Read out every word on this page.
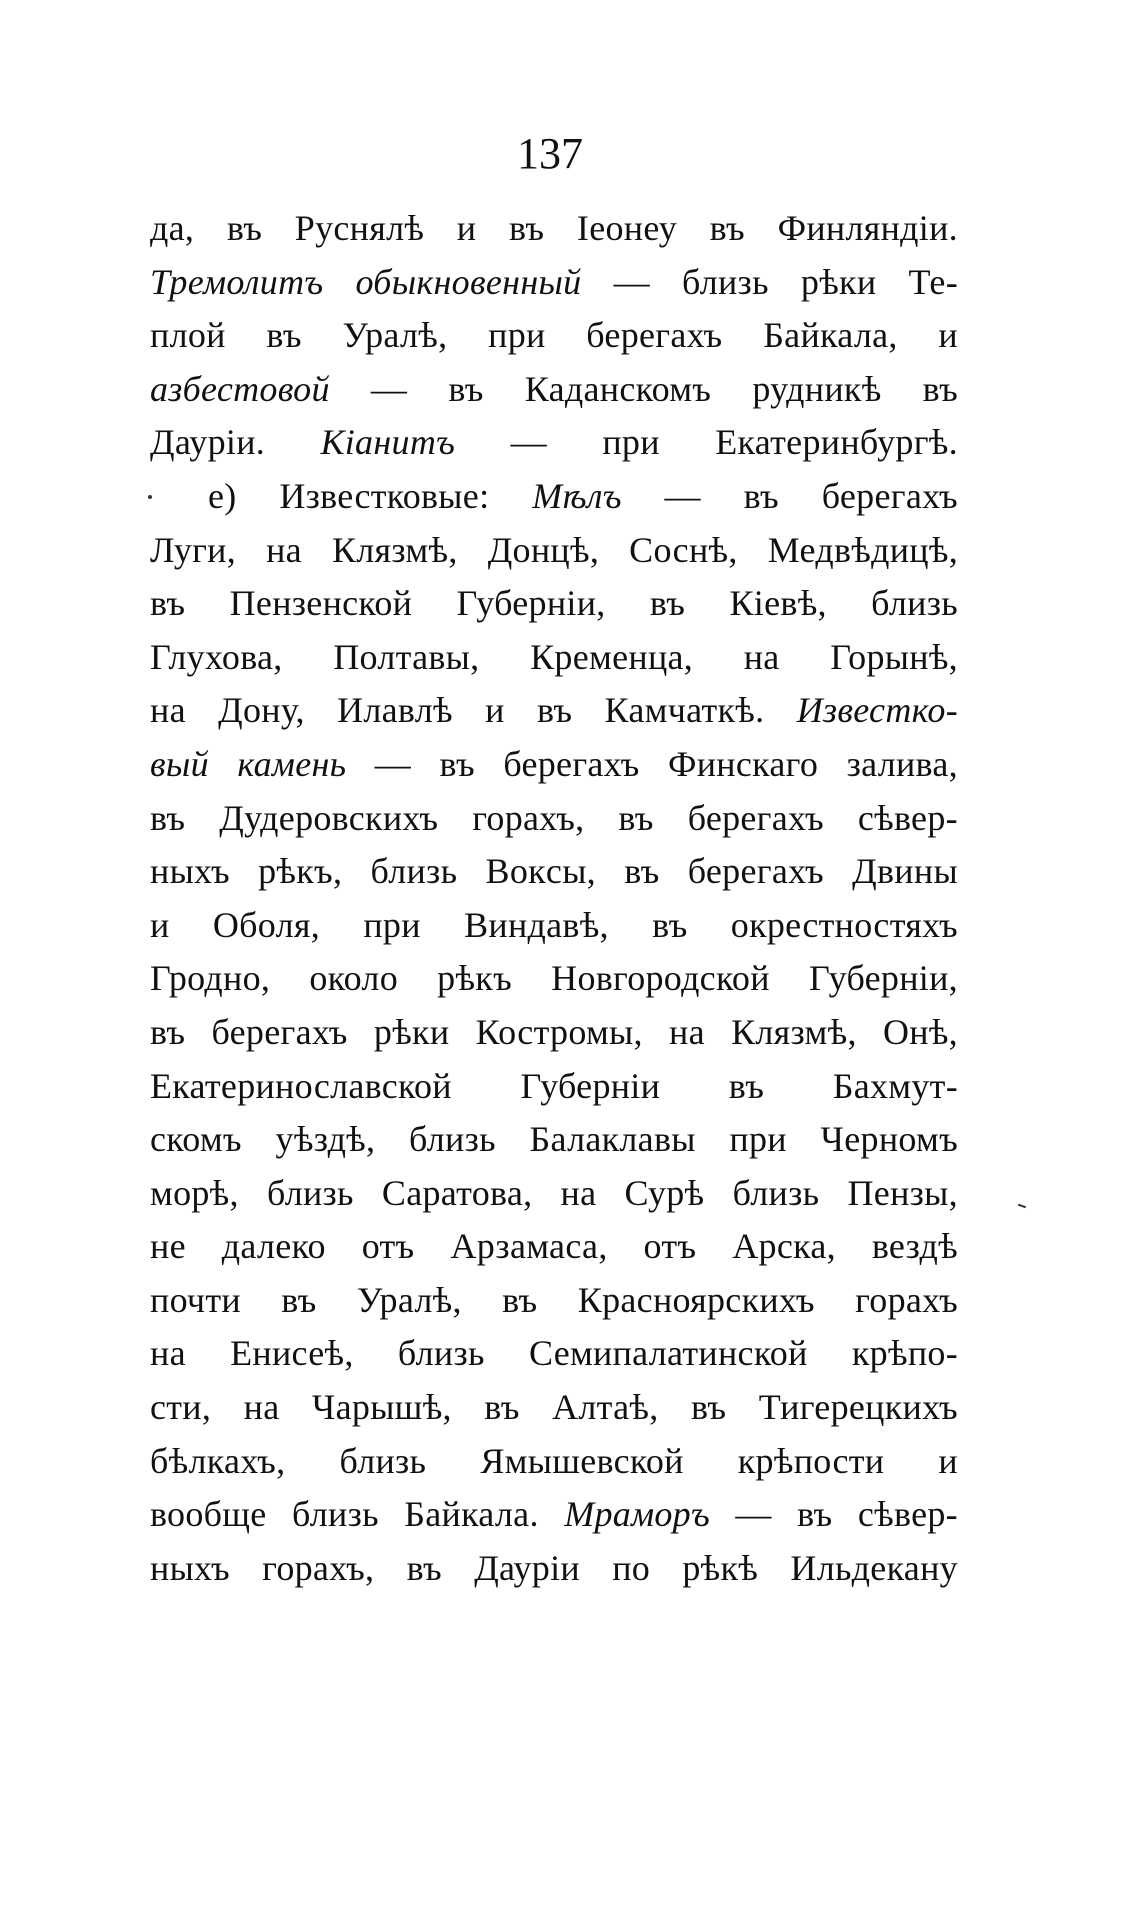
137
да, въ Руснялѣ и въ Іеонеу въ Финляндіи.
Тремолитъ обыкновенный — близь рѣки Те-
плой въ Уралѣ, при берегахъ Байкала, и
азбестовой — въ Каданскомъ рудникѣ въ
Дауріи. Кіанитъ — при Екатеринбургѣ.
e) Известковые: Мѣлъ — въ берегахъ
Луги, на Клязмѣ, Донцѣ, Соснѣ, Медвѣдицѣ,
въ Пензенской Губерніи, въ Кіевѣ, близь
Глухова, Полтавы, Кременца, на Горынѣ,
на Дону, Илавлѣ и въ Камчаткѣ. Известко-
вый камень — въ берегахъ Финскаго залива,
въ Дудеровскихъ горахъ, въ берегахъ сѣвер-
ныхъ рѣкъ, близь Вокcы, въ берегахъ Двины
и Оболя, при Виндавѣ, въ окрестностяхъ
Гродно, около рѣкъ Новгородской Губерніи,
въ берегахъ рѣки Костромы, на Клязмѣ, Онѣ,
Екатеринославской Губерніи въ Бахмут-
скомъ уѣздѣ, близь Балаклавы при Черномъ
морѣ, близь Саратова, на Сурѣ близь Пензы,
не далеко отъ Арзамаса, отъ Арска, вездѣ
почти въ Уралѣ, въ Красноярскихъ горахъ
на Енисеѣ, близь Семипалатинской крѣпо-
сти, на Чарышѣ, въ Алтаѣ, въ Тигерецкихъ
бѣлкахъ, близь Ямышевской крѣпости и
вообще близь Байкала. Мраморъ — въ сѣвер-
ныхъ горахъ, въ Дауріи по рѣкѣ Ильдекану
